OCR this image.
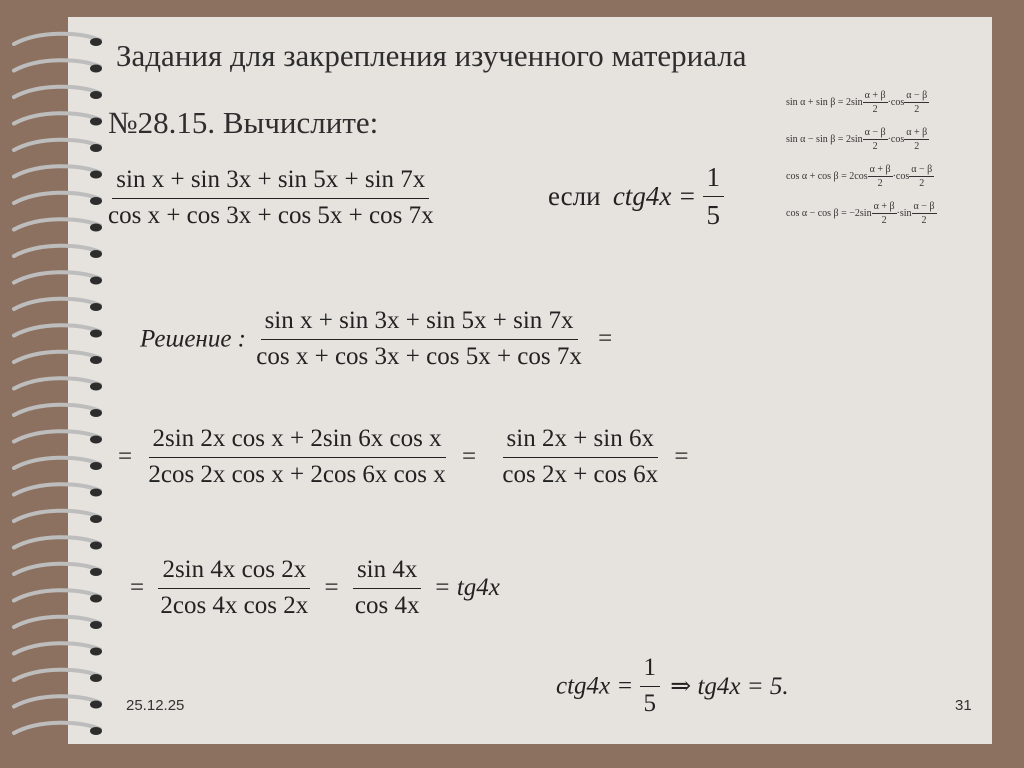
Задания для закрепления изученного материала
№28.15. Вычислите:
$\sin \alpha + \sin \beta = 2\sin \frac{\alpha + \beta}{2} \cdot\cos \frac{\alpha - \beta}{2}$
$\sin \alpha - \sin \beta = 2\sin \frac{\alpha - \beta}{2} \cdot\cos \frac{\alpha + \beta}{2}$
$\cos \alpha + \cos \beta = 2\cos \frac{\alpha + \beta}{2} \cdot\cos \frac{\alpha - \beta}{2}$
$\cos \alpha - \cos \beta = -2\sin \frac{\alpha + \beta}{2} \cdot\sin \frac{\alpha - \beta}{2}$
$\frac{\text{sin x + sin 3x + sin 5x + sin 7x}}{\text{cos x + cos 3x + cos 5x + cos 7x}}$	если $ctg4x = \frac{1}{5}$
Решение : $\frac{\text{sin x + sin 3x + sin 5x + sin 7x}}{\text{cos x + cos 3x + cos 5x + cos 7x}}$ =
= $\frac{\text{2sin 2x cos x + 2sin 6x cos x}}{\text{2cos 2x cos x + 2cos 6x cos x}} = \frac{\sin 2x + \sin 6x}{\cos 2x + \cos 6x}$ =
= $\frac{\text{2sin 4x cos 2x}}{\text{2cos 4x cos 2x}} = \frac{\sin 4x}{\cos 4x} = tg4x$
$ctg4x = \frac{1}{5}$ ⇒ tg4x = 5.
25.12.25	31
